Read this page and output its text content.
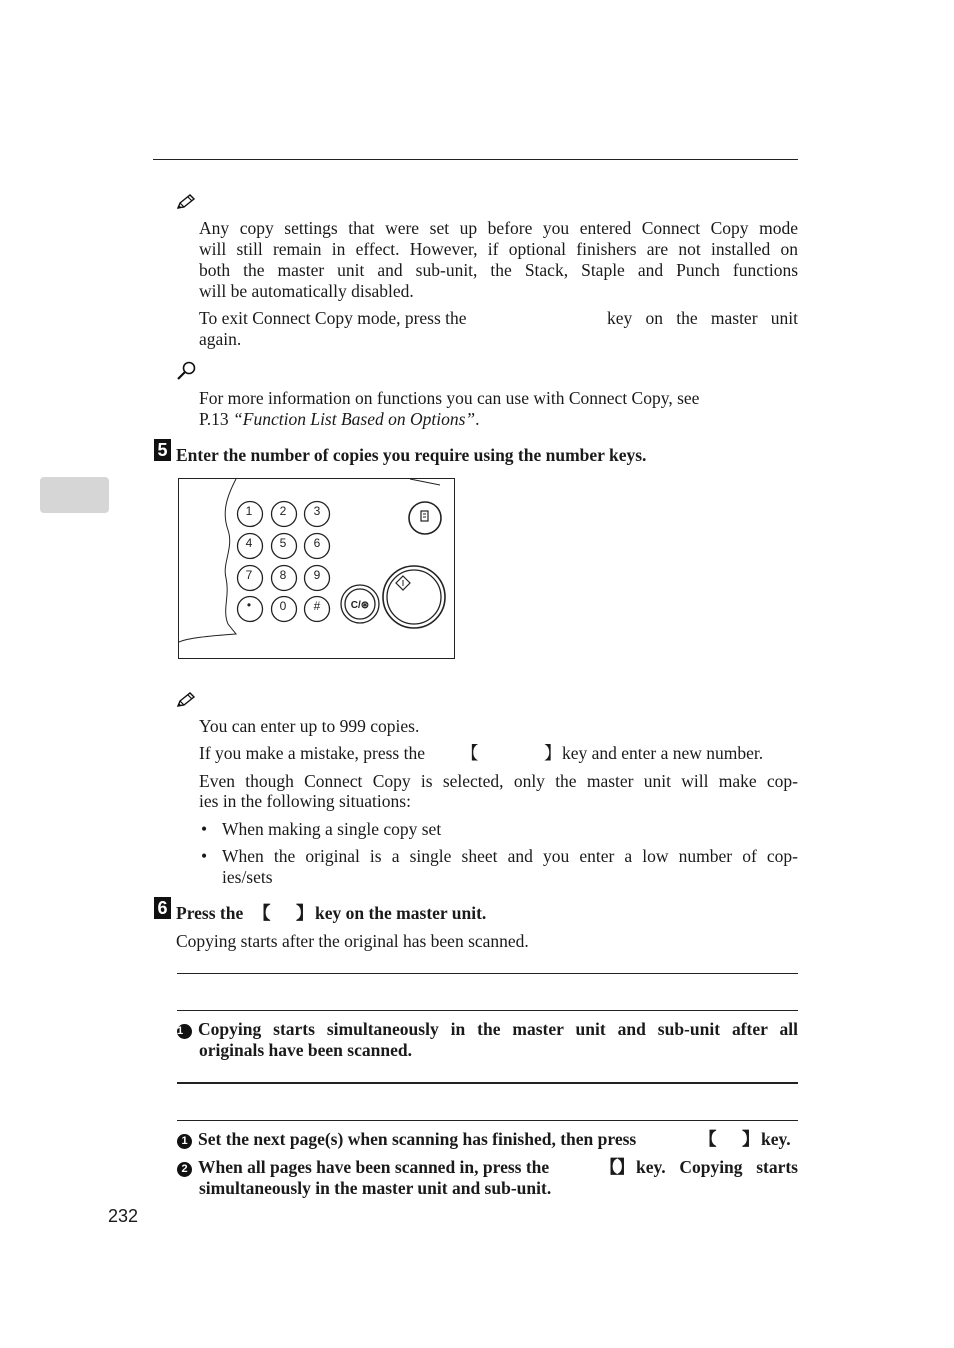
Any copy settings that were set up before you entered Connect Copy mode
will still remain in effect. However, if optional finishers are not installed on
both the master unit and sub-unit, the Stack, Staple and Punch functions
will be automatically disabled.
To exit Connect Copy mode, press the	key on the master unit
again.
For more information on functions you can use with Connect Copy, see
P.13 “Function List Based on Options”.
5 Enter the number of copies you require using the number keys.
1 2 3
4 5 6
7 8 9
• 0 #	C/⊛
You can enter up to 999 copies.
If you make a mistake, press the 【	】 key and enter a new number.
Even though Connect Copy is selected, only the master unit will make cop-
ies in the following situations:
• When making a single copy set
• When the original is a single sheet and you enter a low number of cop-
ies/sets
6 Press the 【 】 key on the master unit.
Copying starts after the original has been scanned.
1 Copying starts simultaneously in the master unit and sub-unit after all
originals have been scanned.
1 Set the next page(s) when scanning has finished, then press	【 】 key.
2 When all pages have been scanned in, press the	【 】 key. Copying starts
simultaneously in the master unit and sub-unit.
232
